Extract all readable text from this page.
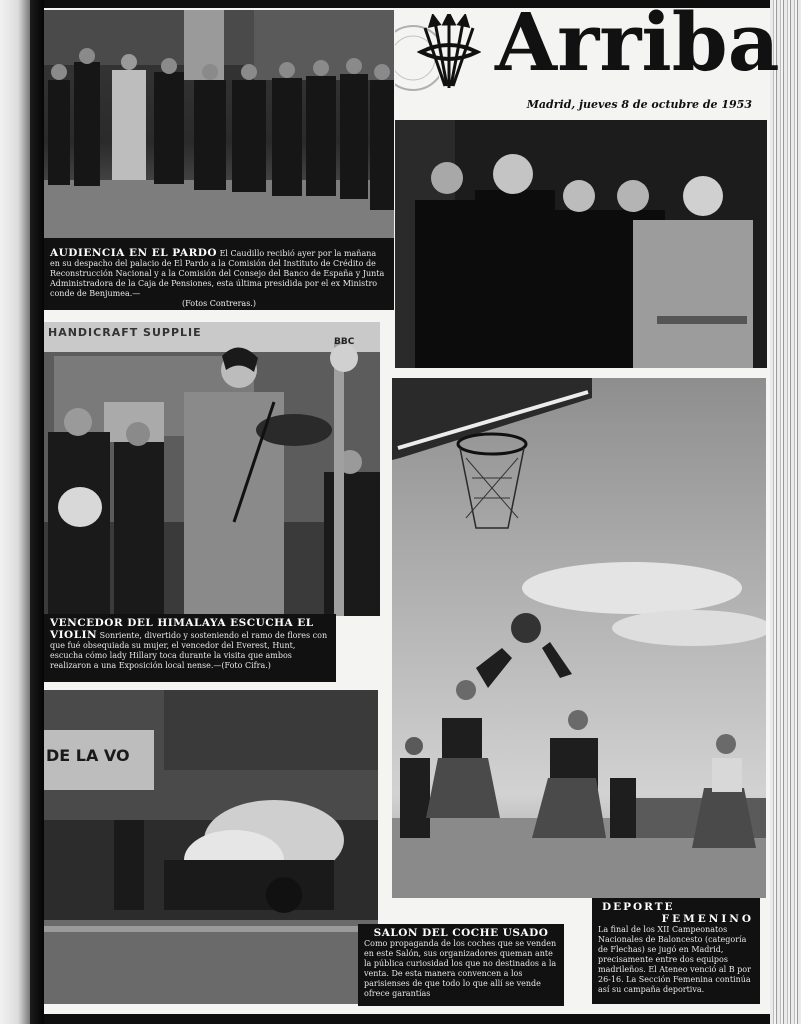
AUDIENCIA EN EL PARDO El Caudillo recibió ayer por la mañana en su despacho del palacio de El Pardo a la Comisión del Instituto de Crédito de Reconstrucción Nacional y a la Comisión del Consejo del Banco de España y Junta Administradora de la Caja de Pensiones, esta última presidida por el ex Ministro conde de Benjumea.—
(Fotos Contreras.)
HANDICRAFT SUPPLIE
BBC
VENCEDOR DEL HIMALAYA ESCUCHA EL VIOLIN Sonriente, divertido y sosteniendo el ramo de flores con que fué obsequiada su mujer, el vencedor del Everest, Hunt, escucha cómo lady Hillary toca durante la visita que ambos realizaron a una Exposición local nense.—(Foto Cifra.)
DE LA VO
Arriba
Madrid, jueves 8 de octubre de 1953
SALON DEL COCHE USADO
Como propaganda de los coches que se venden en este Salón, sus organizadores queman ante la pública curiosidad los que no destinados a la venta. De esta manera convencen a los parisienses de que todo lo que allí se vende ofrece garantías
DEPORTE
FEMENINO
La final de los XII Campeonatos Nacionales de Baloncesto (categoría de Flechas) se jugó en Madrid, precisamente entre dos equipos madrileños. El Ateneo venció al B por 26-16. La Sección Femenina continúa así su campaña deportiva.
